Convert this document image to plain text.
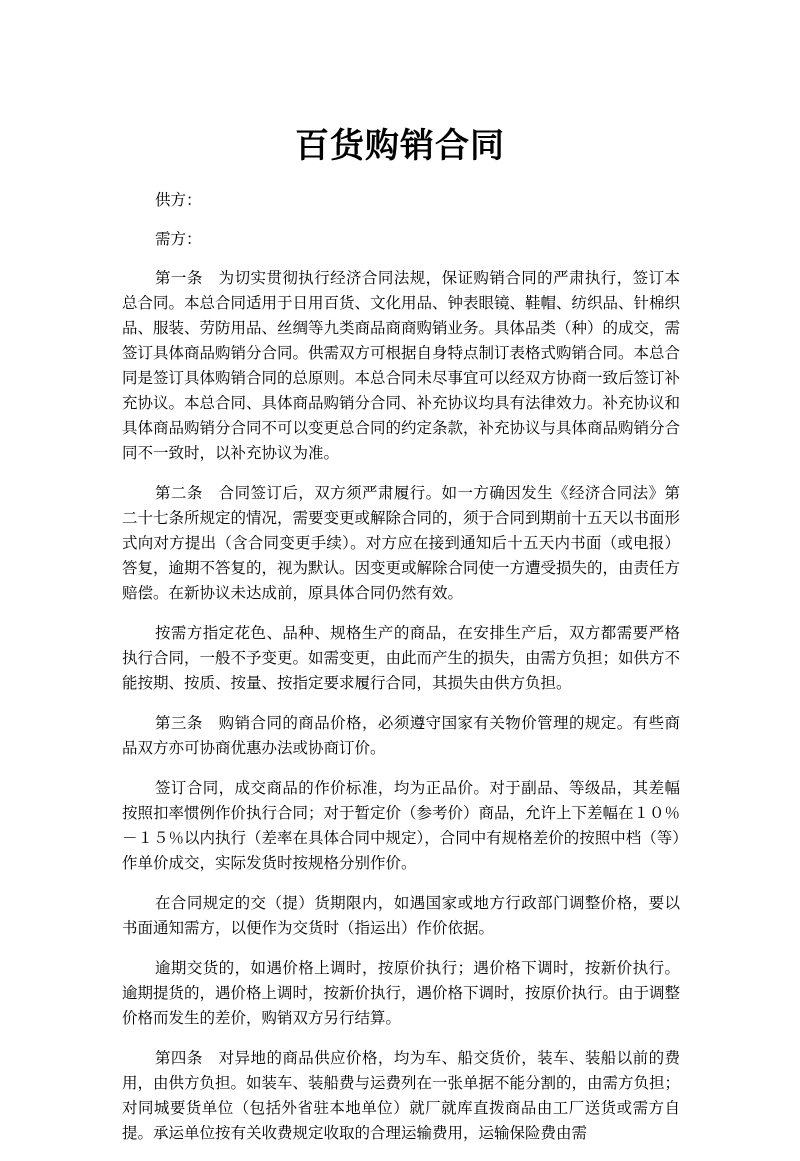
百货购销合同

供方：

需方：

第一条　为切实贯彻执行经济合同法规，保证购销合同的严肃执行，签订本总合同。本总合同适用于日用百货、文化用品、钟表眼镜、鞋帽、纺织品、针棉织品、服装、劳防用品、丝绸等九类商品商商购销业务。具体品类（种）的成交，需签订具体商品购销分合同。供需双方可根据自身特点制订表格式购销合同。本总合同是签订具体购销合同的总原则。本总合同未尽事宜可以经双方协商一致后签订补充协议。本总合同、具体商品购销分合同、补充协议均具有法律效力。补充协议和具体商品购销分合同不可以变更总合同的约定条款，补充协议与具体商品购销分合同不一致时，以补充协议为准。

第二条　合同签订后，双方须严肃履行。如一方确因发生《经济合同法》第二十七条所规定的情况，需要变更或解除合同的，须于合同到期前十五天以书面形式向对方提出（含合同变更手续）。对方应在接到通知后十五天内书面（或电报）答复，逾期不答复的，视为默认。因变更或解除合同使一方遭受损失的，由责任方赔偿。在新协议未达成前，原具体合同仍然有效。

按需方指定花色、品种、规格生产的商品，在安排生产后，双方都需要严格执行合同，一般不予变更。如需变更，由此而产生的损失，由需方负担；如供方不能按期、按质、按量、按指定要求履行合同，其损失由供方负担。

第三条　购销合同的商品价格，必须遵守国家有关物价管理的规定。有些商品双方亦可协商优惠办法或协商订价。

签订合同，成交商品的作价标准，均为正品价。对于副品、等级品，其差幅按照扣率惯例作价执行合同；对于暂定价（参考价）商品，允许上下差幅在１０％－１５％以内执行（差率在具体合同中规定），合同中有规格差价的按照中档（等）作单价成交，实际发货时按规格分别作价。

在合同规定的交（提）货期限内，如遇国家或地方行政部门调整价格，要以书面通知需方，以便作为交货时（指运出）作价依据。

逾期交货的，如遇价格上调时，按原价执行；遇价格下调时，按新价执行。逾期提货的，遇价格上调时，按新价执行，遇价格下调时，按原价执行。由于调整价格而发生的差价，购销双方另行结算。

第四条　对异地的商品供应价格，均为车、船交货价，装车、装船以前的费用，由供方负担。如装车、装船费与运费列在一张单据不能分割的，由需方负担；对同城要货单位（包括外省驻本地单位）就厂就库直拨商品由工厂送货或需方自提。承运单位按有关收费规定收取的合理运输费用，运输保险费由需
